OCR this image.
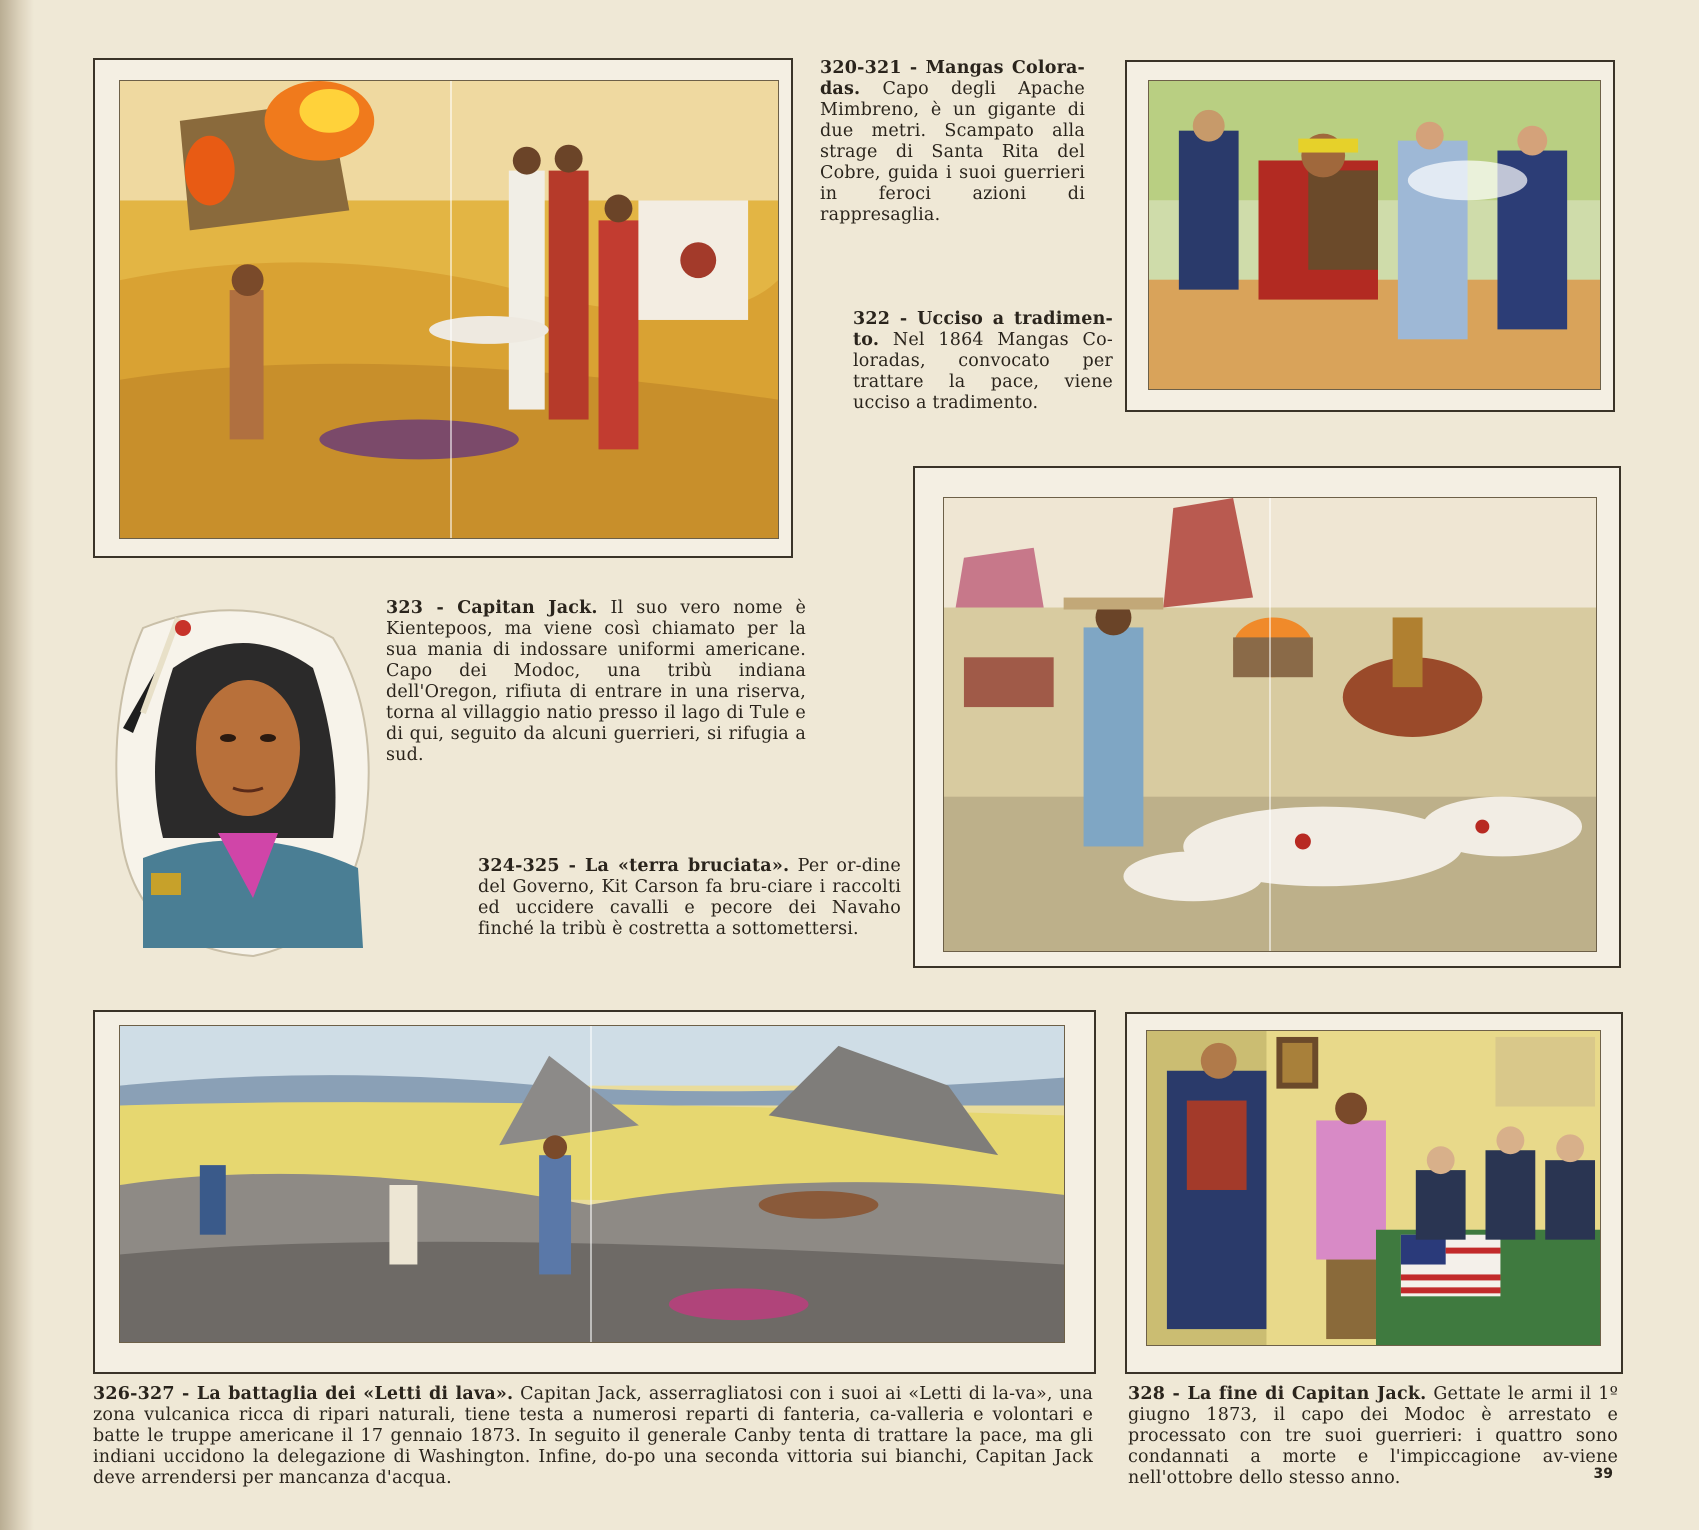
320-321 - Mangas Colora-das. Capo degli Apache Mimbreno, è un gigante di due metri. Scampato alla strage di Santa Rita del Cobre, guida i suoi guerrieri in feroci azioni di rappresaglia.
322 - Ucciso a tradimen-to. Nel 1864 Mangas Co-loradas, convocato per trattare la pace, viene ucciso a tradimento.
323 - Capitan Jack. Il suo vero nome è Kientepoos, ma viene così chiamato per la sua mania di indossare uniformi americane. Capo dei Modoc, una tribù indiana dell'Oregon, rifiuta di entrare in una riserva, torna al villaggio natio presso il lago di Tule e di qui, seguito da alcuni guerrieri, si rifugia a sud.
324-325 - La «terra bruciata». Per or-dine del Governo, Kit Carson fa bru-ciare i raccolti ed uccidere cavalli e pecore dei Navaho finché la tribù è costretta a sottomettersi.
326-327 - La battaglia dei «Letti di lava». Capitan Jack, asserragliatosi con i suoi ai «Letti di la-va», una zona vulcanica ricca di ripari naturali, tiene testa a numerosi reparti di fanteria, ca-valleria e volontari e batte le truppe americane il 17 gennaio 1873. In seguito il generale Canby tenta di trattare la pace, ma gli indiani uccidono la delegazione di Washington. Infine, do-po una seconda vittoria sui bianchi, Capitan Jack deve arrendersi per mancanza d'acqua.
328 - La fine di Capitan Jack. Gettate le armi il 1º giugno 1873, il capo dei Modoc è arrestato e processato con tre suoi guerrieri: i quattro sono condannati a morte e l'impiccagione av-viene nell'ottobre dello stesso anno.	39
